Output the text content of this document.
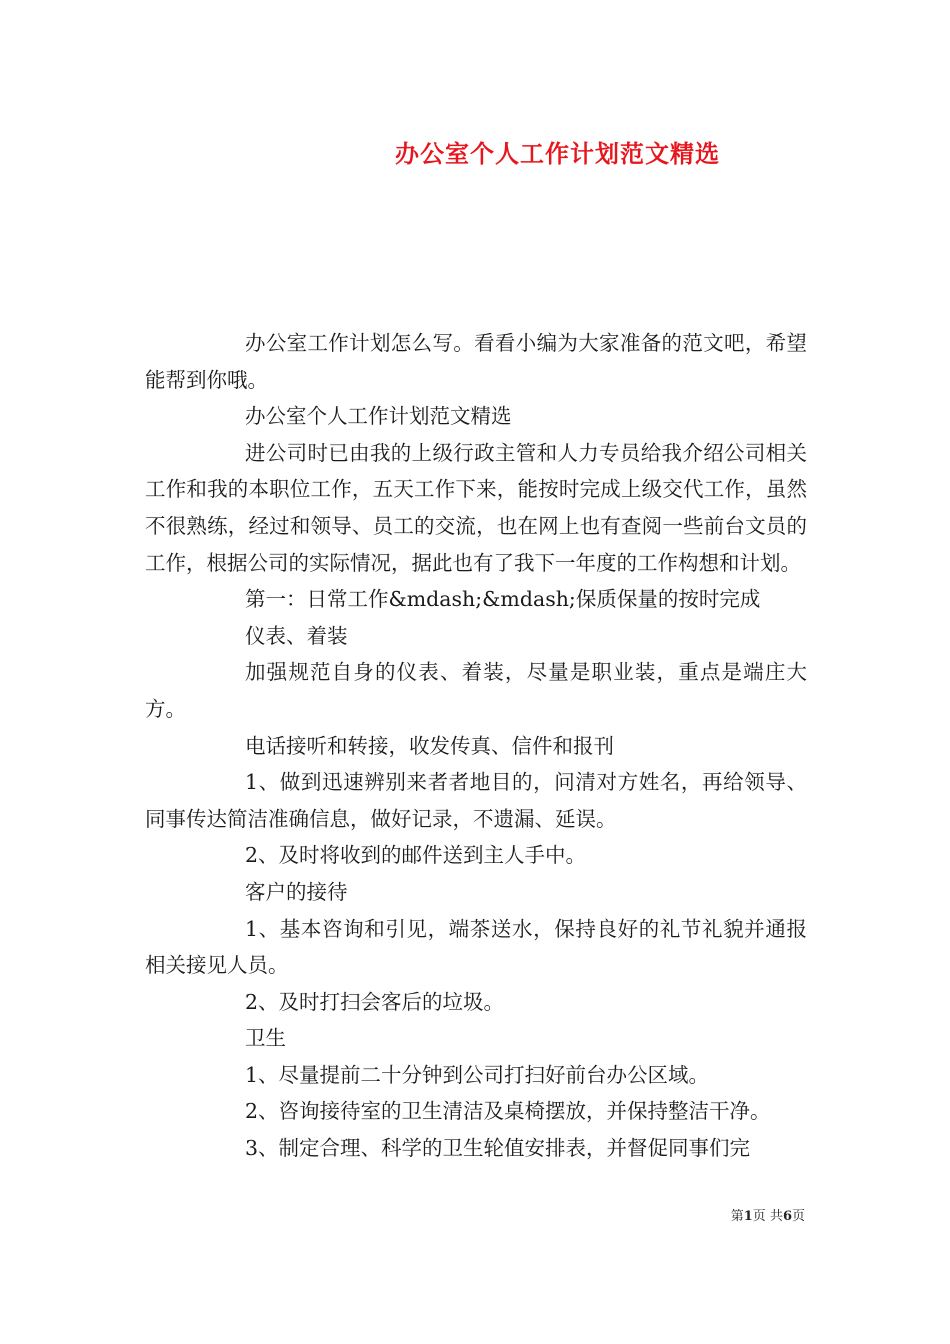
办公室个人工作计划范文精选

办公室工作计划怎么写。看看小编为大家准备的范文吧，希望能帮到你哦。

办公室个人工作计划范文精选

进公司时已由我的上级行政主管和人力专员给我介绍公司相关工作和我的本职位工作，五天工作下来，能按时完成上级交代工作，虽然不很熟练，经过和领导、员工的交流，也在网上也有查阅一些前台文员的工作，根据公司的实际情况，据此也有了我下一年度的工作构想和计划。

第一：日常工作&mdash;&mdash;保质保量的按时完成

仪表、着装

加强规范自身的仪表、着装，尽量是职业装，重点是端庄大方。

电话接听和转接，收发传真、信件和报刊

1、做到迅速辨别来者者地目的，问清对方姓名，再给领导、同事传达简洁准确信息，做好记录，不遗漏、延误。

2、及时将收到的邮件送到主人手中。

客户的接待

1、基本咨询和引见，端茶送水，保持良好的礼节礼貌并通报相关接见人员。

2、及时打扫会客后的垃圾。

卫生

1、尽量提前二十分钟到公司打扫好前台办公区域。

2、咨询接待室的卫生清洁及桌椅摆放，并保持整洁干净。

3、制定合理、科学的卫生轮值安排表，并督促同事们完

第1页 共6页
